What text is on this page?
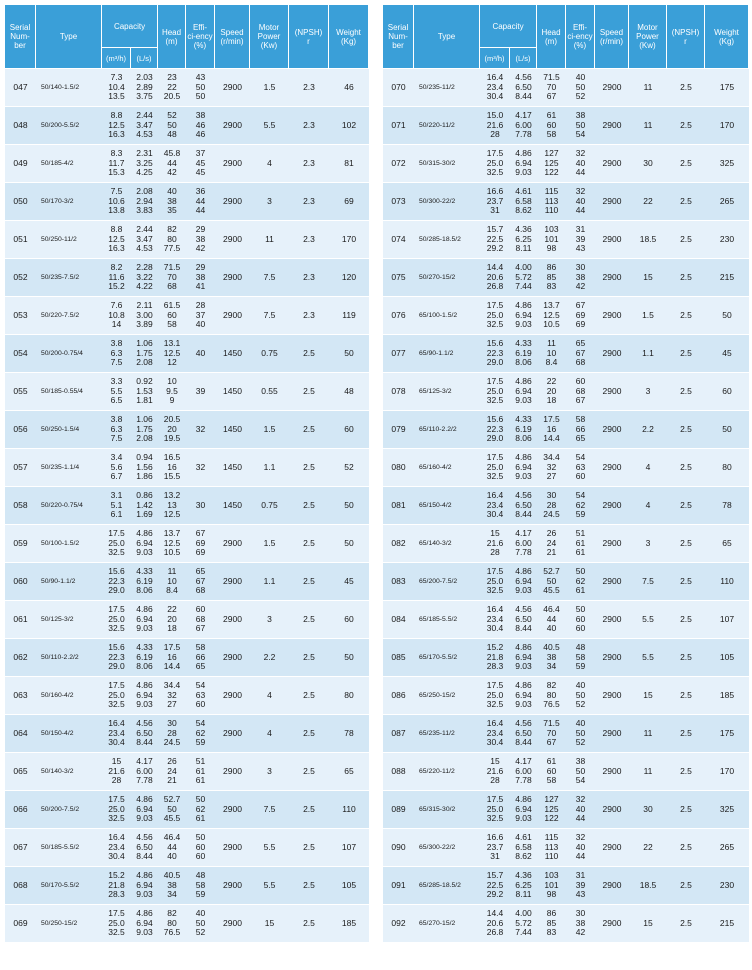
Serial
Num-
ber	Type	Capacity		Head
(m)	Effi-
ci-ency
(%)	Speed
(r/min)	Motor
Power
(Kw)	(NPSH)
r	Weight
(Kg)
		(m³/h)	(L/s)						
047	50/140-1.5/2	7.3
10.4
13.5	2.03
2.89
3.75	23
22
20.5	43
50
50	2900	1.5	2.3	46
048	50/200-5.5/2	8.8
12.5
16.3	2.44
3.47
4.53	52
50
48	38
46
46	2900	5.5	2.3	102
049	50/185-4/2	8.3
11.7
15.3	2.31
3.25
4.25	45.8
44
42	37
45
45	2900	4	2.3	81
050	50/170-3/2	7.5
10.6
13.8	2.08
2.94
3.83	40
38
35	36
44
44	2900	3	2.3	69
051	50/250-11/2	8.8
12.5
16.3	2.44
3.47
4.53	82
80
77.5	29
38
42	2900	11	2.3	170
052	50/235-7.5/2	8.2
11.6
15.2	2.28
3.22
4.22	71.5
70
68	29
38
41	2900	7.5	2.3	120
053	50/220-7.5/2	7.6
10.8
14	2.11
3.00
3.89	61.5
60
58	28
37
40	2900	7.5	2.3	119
054	50/200-0.75/4	3.8
6.3
7.5	1.06
1.75
2.08	13.1
12.5
12	40	1450	0.75	2.5	50
055	50/185-0.55/4	3.3
5.5
6.5	0.92
1.53
1.81	10
9.5
9	39	1450	0.55	2.5	48
056	50/250-1.5/4	3.8
6.3
7.5	1.06
1.75
2.08	20.5
20
19.5	32	1450	1.5	2.5	60
057	50/235-1.1/4	3.4
5.6
6.7	0.94
1.56
1.86	16.5
16
15.5	32	1450	1.1	2.5	52
058	50/220-0.75/4	3.1
5.1
6.1	0.86
1.42
1.69	13.2
13
12.5	30	1450	0.75	2.5	50
059	50/100-1.5/2	17.5
25.0
32.5	4.86
6.94
9.03	13.7
12.5
10.5	67
69
69	2900	1.5	2.5	50
060	50/90-1.1/2	15.6
22.3
29.0	4.33
6.19
8.06	11
10
8.4	65
67
68	2900	1.1	2.5	45
061	50/125-3/2	17.5
25.0
32.5	4.86
6.94
9.03	22
20
18	60
68
67	2900	3	2.5	60
062	50/110-2.2/2	15.6
22.3
29.0	4.33
6.19
8.06	17.5
16
14.4	58
66
65	2900	2.2	2.5	50
063	50/160-4/2	17.5
25.0
32.5	4.86
6.94
9.03	34.4
32
27	54
63
60	2900	4	2.5	80
064	50/150-4/2	16.4
23.4
30.4	4.56
6.50
8.44	30
28
24.5	54
62
59	2900	4	2.5	78
065	50/140-3/2	15
21.6
28	4.17
6.00
7.78	26
24
21	51
61
61	2900	3	2.5	65
066	50/200-7.5/2	17.5
25.0
32.5	4.86
6.94
9.03	52.7
50
45.5	50
62
61	2900	7.5	2.5	110
067	50/185-5.5/2	16.4
23.4
30.4	4.56
6.50
8.44	46.4
44
40	50
60
60	2900	5.5	2.5	107
068	50/170-5.5/2	15.2
21.8
28.3	4.86
6.94
9.03	40.5
38
34	48
58
59	2900	5.5	2.5	105
069	50/250-15/2	17.5
25.0
32.5	4.86
6.94
9.03	82
80
76.5	40
50
52	2900	15	2.5	185
Serial
Num-
ber	Type	Capacity		Head
(m)	Effi-
ci-ency
(%)	Speed
(r/min)	Motor
Power
(Kw)	(NPSH)
r	Weight
(Kg)
		(m³/h)	(L/s)						
070	50/235-11/2	16.4
23.4
30.4	4.56
6.50
8.44	71.5
70
67	40
50
52	2900	11	2.5	175
071	50/220-11/2	15.0
21.6
28	4.17
6.00
7.78	61
60
58	38
50
54	2900	11	2.5	170
072	50/315-30/2	17.5
25.0
32.5	4.86
6.94
9.03	127
125
122	32
40
44	2900	30	2.5	325
073	50/300-22/2	16.6
23.7
31	4.61
6.58
8.62	115
113
110	32
40
44	2900	22	2.5	265
074	50/285-18.5/2	15.7
22.5
29.2	4.36
6.25
8.11	103
101
98	31
39
43	2900	18.5	2.5	230
075	50/270-15/2	14.4
20.6
26.8	4.00
5.72
7.44	86
85
83	30
38
42	2900	15	2.5	215
076	65/100-1.5/2	17.5
25.0
32.5	4.86
6.94
9.03	13.7
12.5
10.5	67
69
69	2900	1.5	2.5	50
077	65/90-1.1/2	15.6
22.3
29.0	4.33
6.19
8.06	11
10
8.4	65
67
68	2900	1.1	2.5	45
078	65/125-3/2	17.5
25.0
32.5	4.86
6.94
9.03	22
20
18	60
68
67	2900	3	2.5	60
079	65/110-2.2/2	15.6
22.3
29.0	4.33
6.19
8.06	17.5
16
14.4	58
66
65	2900	2.2	2.5	50
080	65/160-4/2	17.5
25.0
32.5	4.86
6.94
9.03	34.4
32
27	54
63
60	2900	4	2.5	80
081	65/150-4/2	16.4
23.4
30.4	4.56
6.50
8.44	30
28
24.5	54
62
59	2900	4	2.5	78
082	65/140-3/2	15
21.6
28	4.17
6.00
7.78	26
24
21	51
61
61	2900	3	2.5	65
083	65/200-7.5/2	17.5
25.0
32.5	4.86
6.94
9.03	52.7
50
45.5	50
62
61	2900	7.5	2.5	110
084	65/185-5.5/2	16.4
23.4
30.4	4.56
6.50
8.44	46.4
44
40	50
60
60	2900	5.5	2.5	107
085	65/170-5.5/2	15.2
21.8
28.3	4.86
6.94
9.03	40.5
38
34	48
58
59	2900	5.5	2.5	105
086	65/250-15/2	17.5
25.0
32.5	4.86
6.94
9.03	82
80
76.5	40
50
52	2900	15	2.5	185
087	65/235-11/2	16.4
23.4
30.4	4.56
6.50
8.44	71.5
70
67	40
50
52	2900	11	2.5	175
088	65/220-11/2	15
21.6
28	4.17
6.00
7.78	61
60
58	38
50
54	2900	11	2.5	170
089	65/315-30/2	17.5
25.0
32.5	4.86
6.94
9.03	127
125
122	32
40
44	2900	30	2.5	325
090	65/300-22/2	16.6
23.7
31	4.61
6.58
8.62	115
113
110	32
40
44	2900	22	2.5	265
091	65/285-18.5/2	15.7
22.5
29.2	4.36
6.25
8.11	103
101
98	31
39
43	2900	18.5	2.5	230
092	65/270-15/2	14.4
20.6
26.8	4.00
5.72
7.44	86
85
83	30
38
42	2900	15	2.5	215
